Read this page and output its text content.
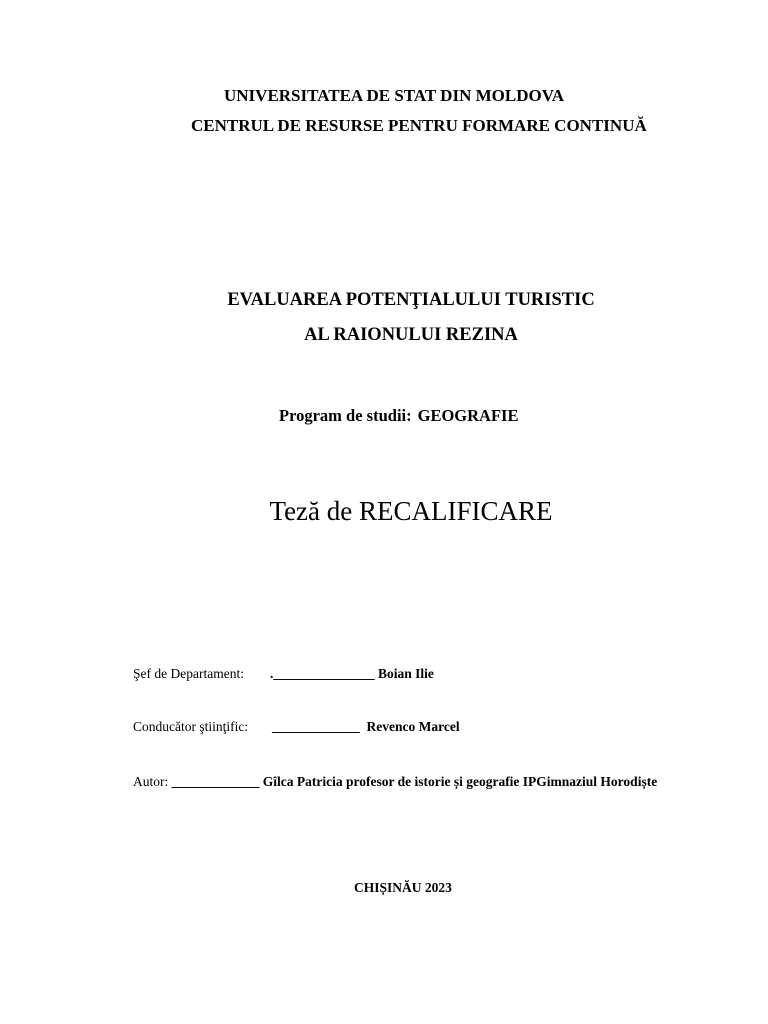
UNIVERSITATEA DE STAT DIN MOLDOVA
CENTRUL DE RESURSE PENTRU FORMARE CONTINUĂ
EVALUAREA POTENŢIALULUI TURISTIC
AL RAIONULUI REZINA
Program de studii: GEOGRAFIE
Teză de RECALIFICARE
Şef de Departament: ._______________ Boian Ilie
Conducător ştiinţific: _____________ Revenco Marcel
Autor: _____________ Gîlca Patricia profesor de istorie și geografie IPGimnaziul Horodiște
CHIȘINĂU 2023
